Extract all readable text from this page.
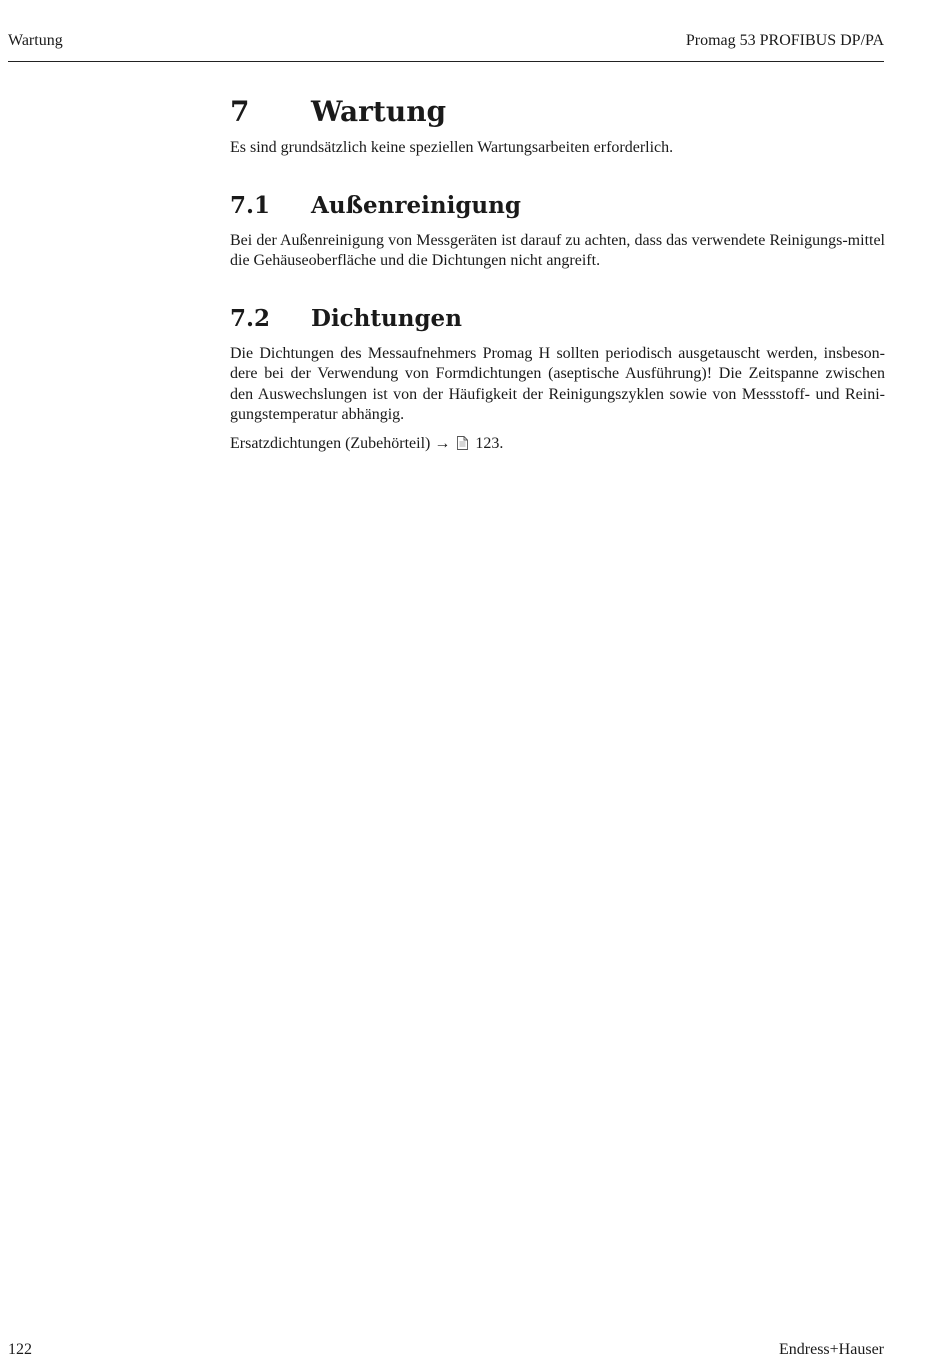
Wartung	Promag 53 PROFIBUS DP/PA
7	Wartung

Es sind grundsätzlich keine speziellen Wartungsarbeiten erforderlich.

7.1	Außenreinigung

Bei der Außenreinigung von Messgeräten ist darauf zu achten, dass das verwendete Reinigungs-mittel die Gehäuseoberfläche und die Dichtungen nicht angreift.

7.2	Dichtungen

Die Dichtungen des Messaufnehmers Promag H sollten periodisch ausgetauscht werden, insbeson-dere bei der Verwendung von Formdichtungen (aseptische Ausführung)! Die Zeitspanne zwischen den Auswechslungen ist von der Häufigkeit der Reinigungszyklen sowie von Messstoff- und Reini-gungstemperatur abhängig.

Ersatzdichtungen (Zubehörteil) → 123.

122	Endress+Hauser
